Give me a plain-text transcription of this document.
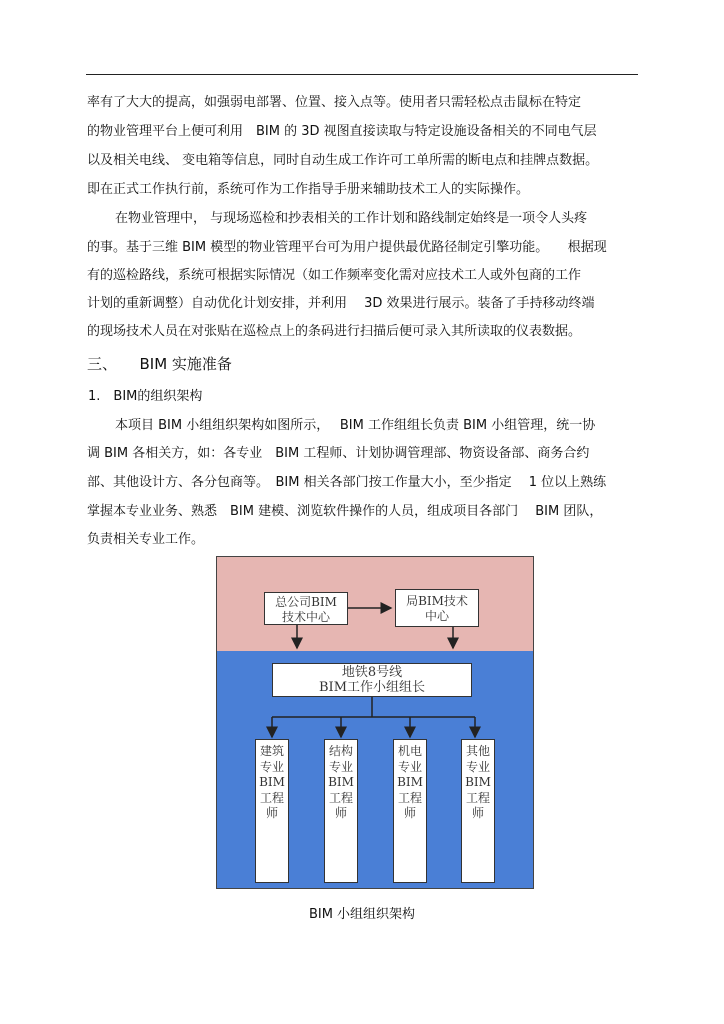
率有了大大的提高，如强弱电部署、位置、接入点等。使用者只需轻松点击鼠标在特定
的物业管理平台上便可利用　BIM 的 3D 视图直接读取与特定设施设备相关的不同电气层
以及相关电线、 变电箱等信息，同时自动生成工作许可工单所需的断电点和挂牌点数据。
即在正式工作执行前，系统可作为工作指导手册来辅助技术工人的实际操作。
在物业管理中， 与现场巡检和抄表相关的工作计划和路线制定始终是一项令人头疼
的事。基于三维 BIM 模型的物业管理平台可为用户提供最优路径制定引擎功能。　　根据现
有的巡检路线，系统可根据实际情况（如工作频率变化需对应技术工人或外包商的工作
计划的重新调整）自动优化计划安排，并利用　 3D 效果进行展示。装备了手持移动终端
的现场技术人员在对张贴在巡检点上的条码进行扫描后便可录入其所读取的仪表数据。
三、　　BIM 实施准备
1.　BIM的组织架构
本项目 BIM 小组组织架构如图所示，　 BIM 工作组组长负责 BIM 小组管理，统一协
调 BIM 各相关方，如：各专业　BIM 工程师、计划协调管理部、物资设备部、商务合约
部、其他设计方、各分包商等。　BIM 相关各部门按工作量大小，至少指定　 1 位以上熟练
掌握本专业业务、熟悉　BIM 建模、浏览软件操作的人员，组成项目各部门　 BIM 团队，
负责相关专业工作。
总公司BIM
技术中心
局BIM技术
中心
地铁8号线
BIM工作小组组长
建筑专业BIM工程师
结构专业BIM工程师
机电专业BIM工程师
其他专业BIM工程师
BIM 小组组织架构
